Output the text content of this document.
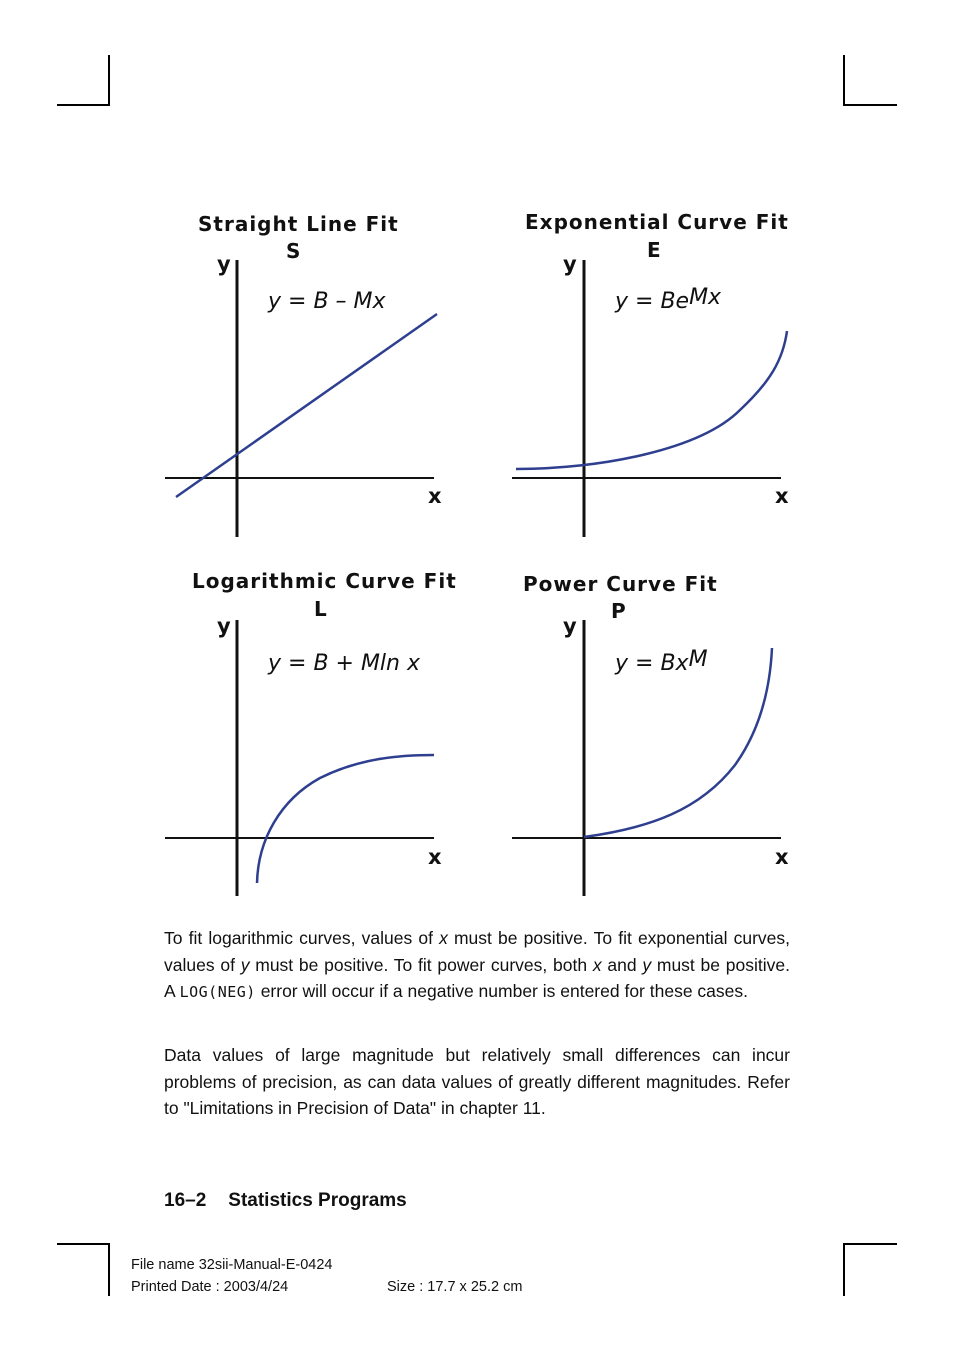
Straight Line Fit
S
y
x
y = B – Mx
Exponential Curve Fit
E
y
x
$y = Be^{Mx}$
Logarithmic Curve Fit
L
y
x
y = B + Mln x
Power Curve Fit
P
y
x
$y = Bx^M$

To fit logarithmic curves, values of x must be positive. To fit exponential curves, values of y must be positive. To fit power curves, both x and y must be positive. A LOG(NEG) error will occur if a negative number is entered for these cases.

Data values of large magnitude but relatively small differences can incur problems of precision, as can data values of greatly different magnitudes. Refer to "Limitations in Precision of Data" in chapter 11.

16–2 Statistics Programs
File name 32sii-Manual-E-0424
Printed Date : 2003/4/24	Size : 17.7 x 25.2 cm
